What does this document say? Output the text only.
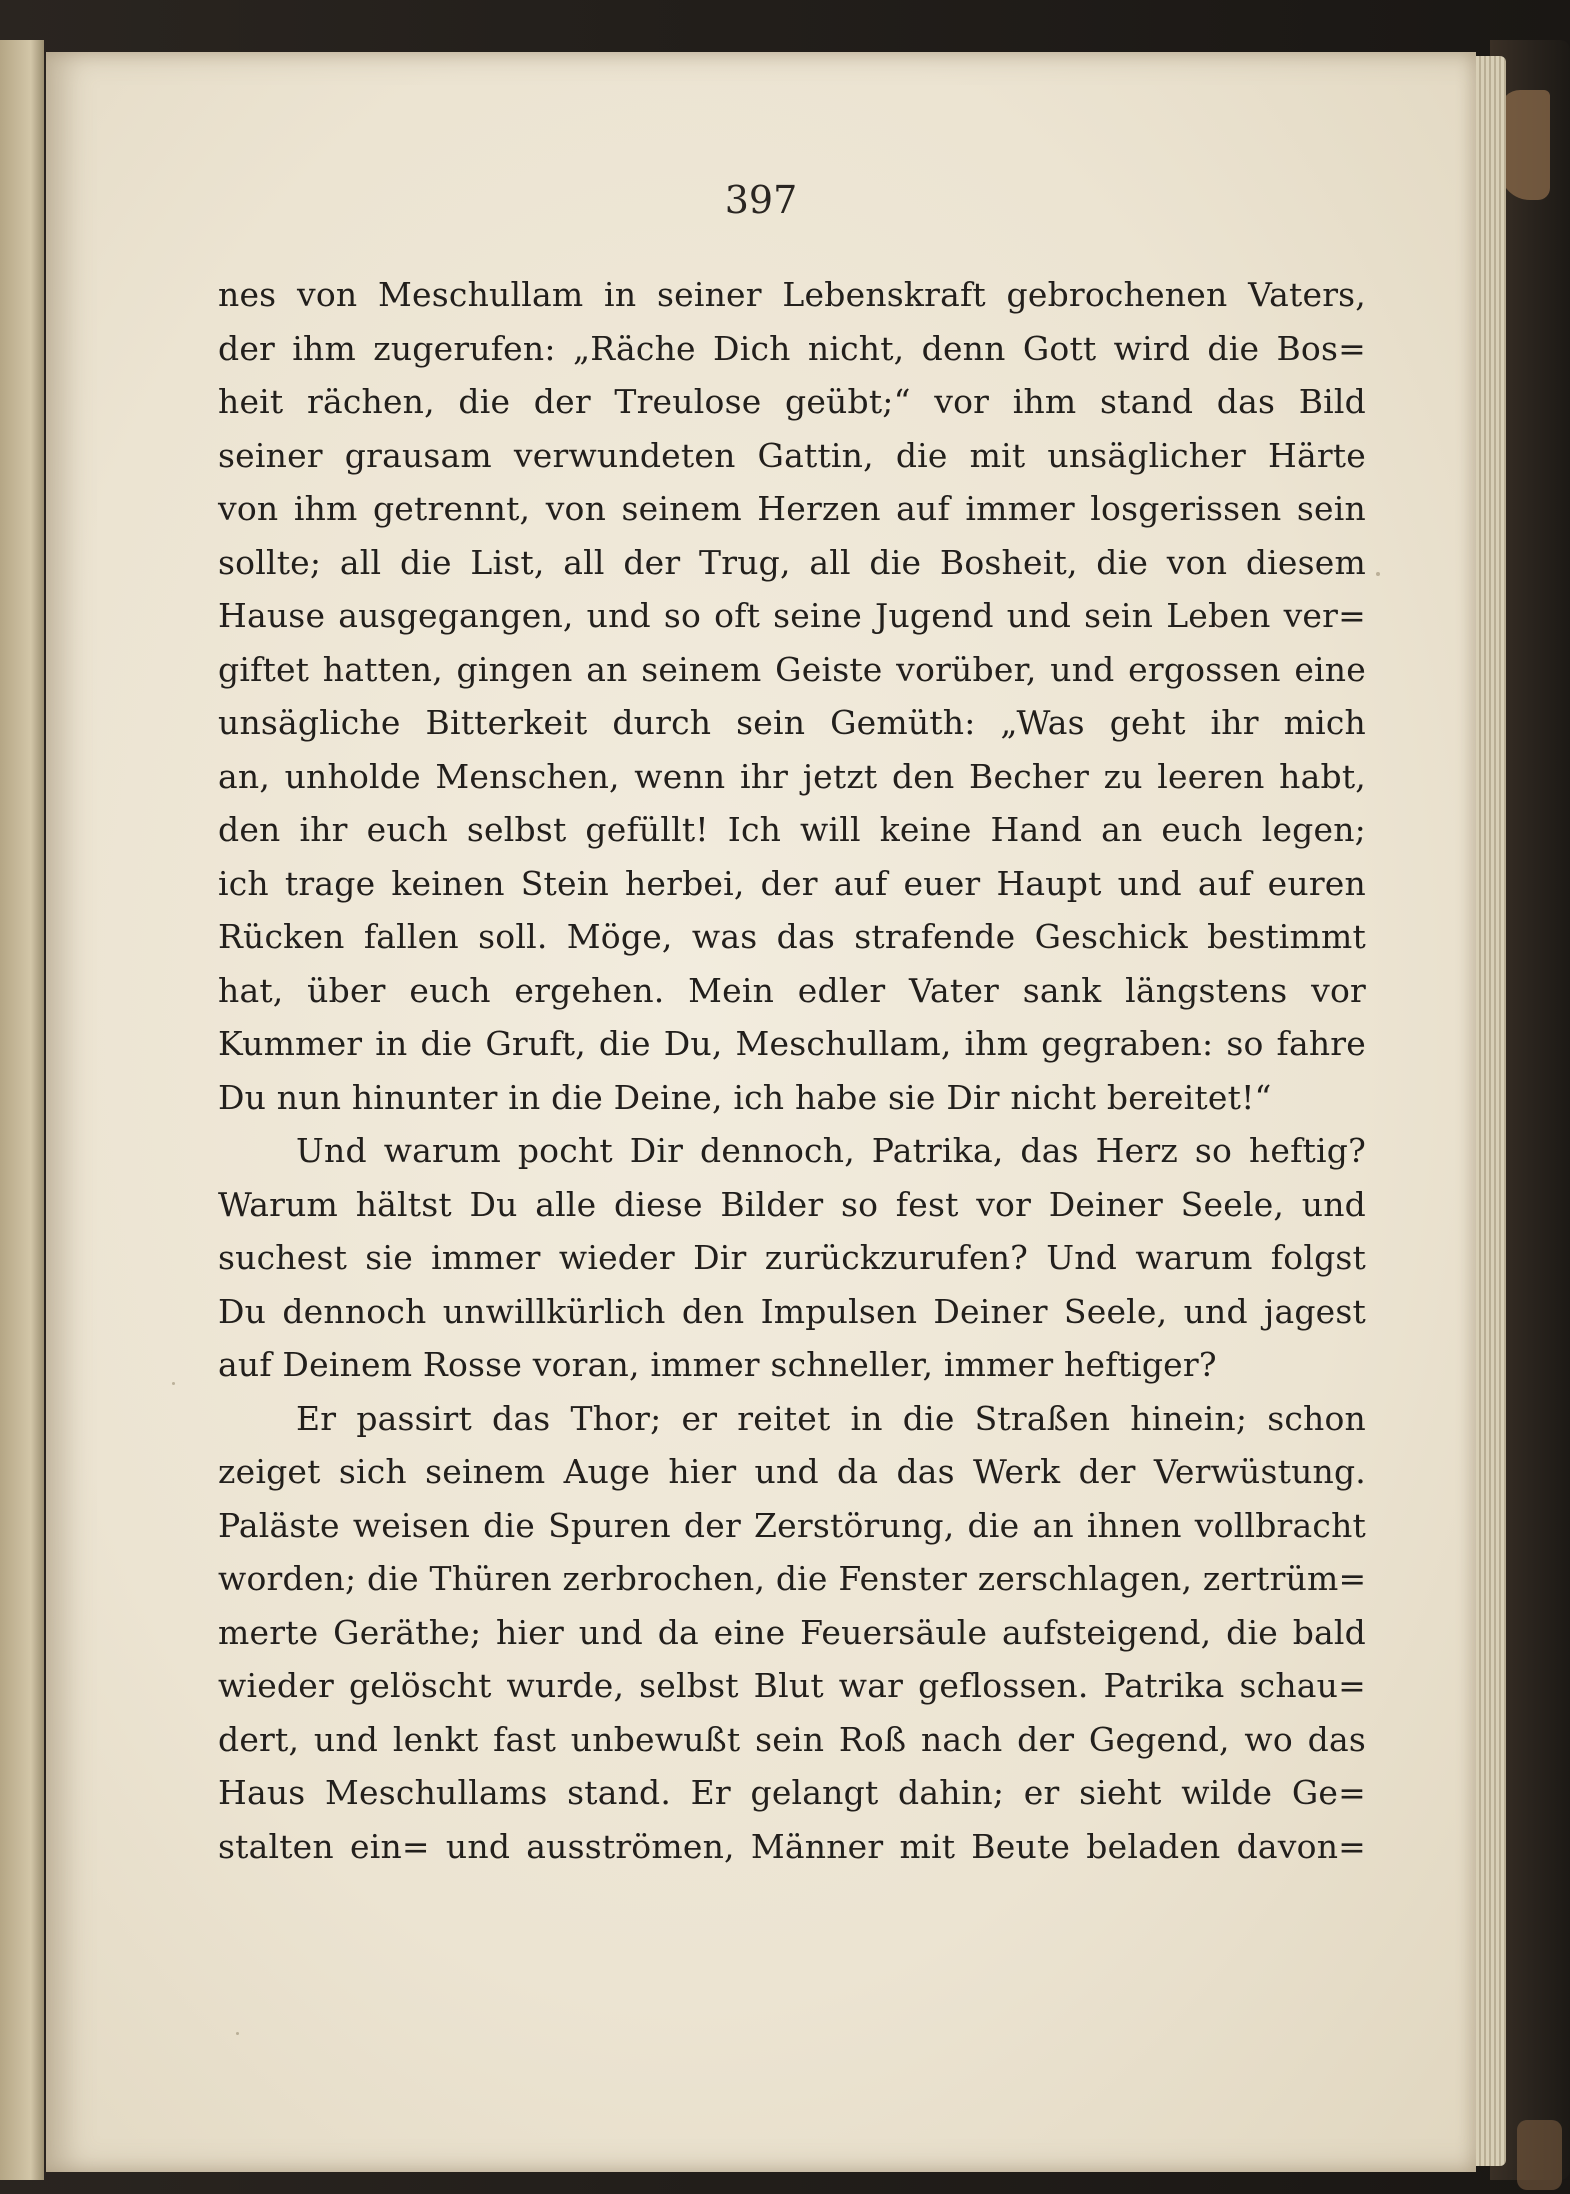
397
nes von Meschullam in seiner Lebenskraft gebrochenen Vaters,
der ihm zugerufen: „Räche Dich nicht, denn Gott wird die Bos=
heit rächen, die der Treulose geübt;“ vor ihm stand das Bild
seiner grausam verwundeten Gattin, die mit unsäglicher Härte
von ihm getrennt, von seinem Herzen auf immer losgerissen sein
sollte; all die List, all der Trug, all die Bosheit, die von diesem
Hause ausgegangen, und so oft seine Jugend und sein Leben ver=
giftet hatten, gingen an seinem Geiste vorüber, und ergossen eine
unsägliche Bitterkeit durch sein Gemüth: „Was geht ihr mich
an, unholde Menschen, wenn ihr jetzt den Becher zu leeren habt,
den ihr euch selbst gefüllt! Ich will keine Hand an euch legen;
ich trage keinen Stein herbei, der auf euer Haupt und auf euren
Rücken fallen soll. Möge, was das strafende Geschick bestimmt
hat, über euch ergehen. Mein edler Vater sank längstens vor
Kummer in die Gruft, die Du, Meschullam, ihm gegraben: so fahre
Du nun hinunter in die Deine, ich habe sie Dir nicht bereitet!“
Und warum pocht Dir dennoch, Patrika, das Herz so heftig?
Warum hältst Du alle diese Bilder so fest vor Deiner Seele, und
suchest sie immer wieder Dir zurückzurufen? Und warum folgst
Du dennoch unwillkürlich den Impulsen Deiner Seele, und jagest
auf Deinem Rosse voran, immer schneller, immer heftiger?
Er passirt das Thor; er reitet in die Straßen hinein; schon
zeiget sich seinem Auge hier und da das Werk der Verwüstung.
Paläste weisen die Spuren der Zerstörung, die an ihnen vollbracht
worden; die Thüren zerbrochen, die Fenster zerschlagen, zertrüm=
merte Geräthe; hier und da eine Feuersäule aufsteigend, die bald
wieder gelöscht wurde, selbst Blut war geflossen. Patrika schau=
dert, und lenkt fast unbewußt sein Roß nach der Gegend, wo das
Haus Meschullams stand. Er gelangt dahin; er sieht wilde Ge=
stalten ein= und ausströmen, Männer mit Beute beladen davon=
